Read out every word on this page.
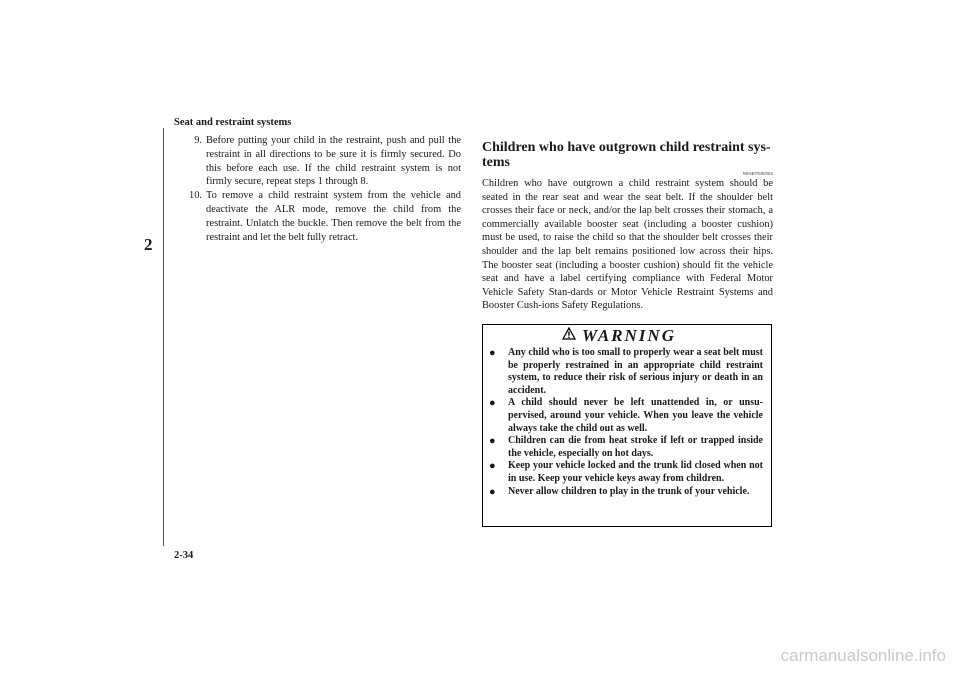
Seat and restraint systems
2
9. Before putting your child in the restraint, push and pull the restraint in all directions to be sure it is firmly secured. Do this before each use. If the child restraint system is not firmly secure, repeat steps 1 through 8.
10. To remove a child restraint system from the vehicle and deactivate the ALR mode, remove the child from the restraint. Unlatch the buckle. Then remove the belt from the restraint and let the belt fully retract.
Children who have outgrown child restraint sys-tems
N00407600504

Children who have outgrown a child restraint system should be seated in the rear seat and wear the seat belt. If the shoulder belt crosses their face or neck, and/or the lap belt crosses their stomach, a commercially available booster seat (including a booster cushion) must be used, to raise the child so that the shoulder belt crosses their shoulder and the lap belt remains positioned low across their hips. The booster seat (including a booster cushion) should fit the vehicle seat and have a label certifying compliance with Federal Motor Vehicle Safety Stan-dards or Motor Vehicle Restraint Systems and Booster Cush-ions Safety Regulations.

WARNING
● Any child who is too small to properly wear a seat belt must be properly restrained in an appropriate child restraint system, to reduce their risk of serious injury or death in an accident.
● A child should never be left unattended in, or unsu-pervised, around your vehicle. When you leave the vehicle always take the child out as well.
● Children can die from heat stroke if left or trapped inside the vehicle, especially on hot days.
● Keep your vehicle locked and the trunk lid closed when not in use. Keep your vehicle keys away from children.
● Never allow children to play in the trunk of your vehicle.
2-34
carmanualsonline.info
